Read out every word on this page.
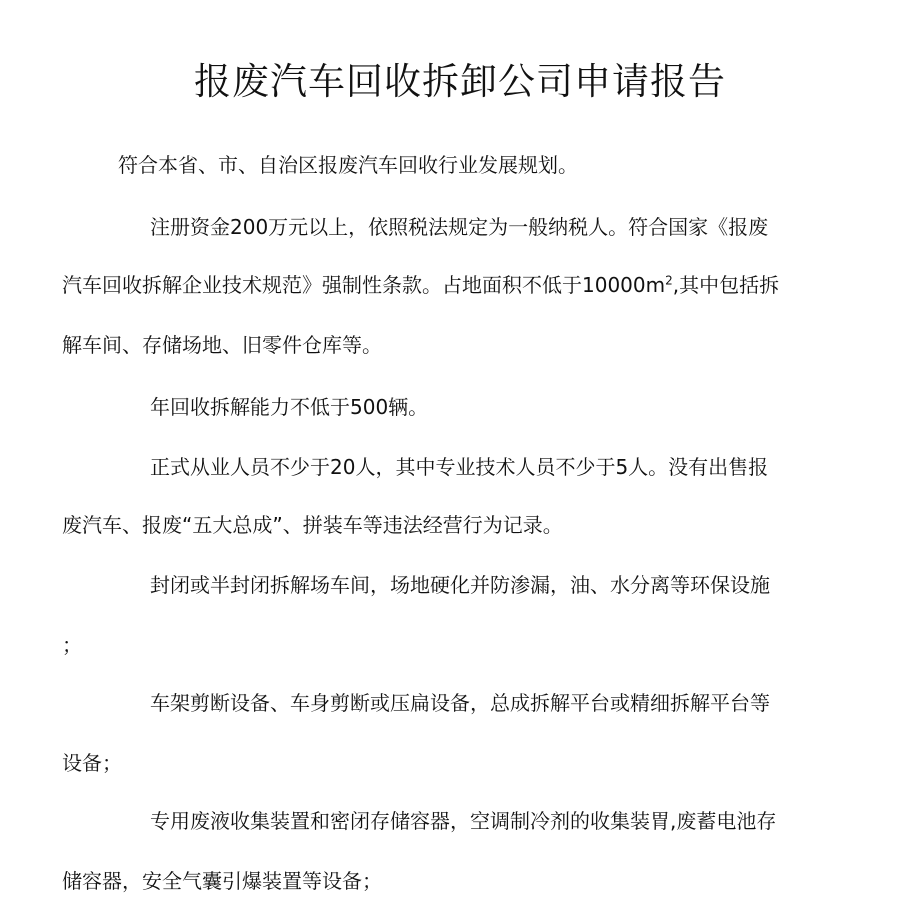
报废汽车回收拆卸公司申请报告
符合本省、市、自治区报废汽车回收行业发展规划。
注册资金200万元以上，依照税法规定为一般纳税人。符合国家《报废
汽车回收拆解企业技术规范》强制性条款。占地面积不低于$10000m^2$,其中包括拆
解车间、存储场地、旧零件仓库等。
年回收拆解能力不低于500辆。
正式从业人员不少于20人，其中专业技术人员不少于5人。没有出售报
废汽车、报废“五大总成”、拼装车等违法经营行为记录。
封闭或半封闭拆解场车间，场地硬化并防渗漏，油、水分离等环保设施
；
车架剪断设备、车身剪断或压扁设备，总成拆解平台或精细拆解平台等
设备；
专用废液收集装置和密闭存储容器，空调制冷剂的收集装胃,废蓄电池存
储容器，安全气囊引爆装置等设备；
